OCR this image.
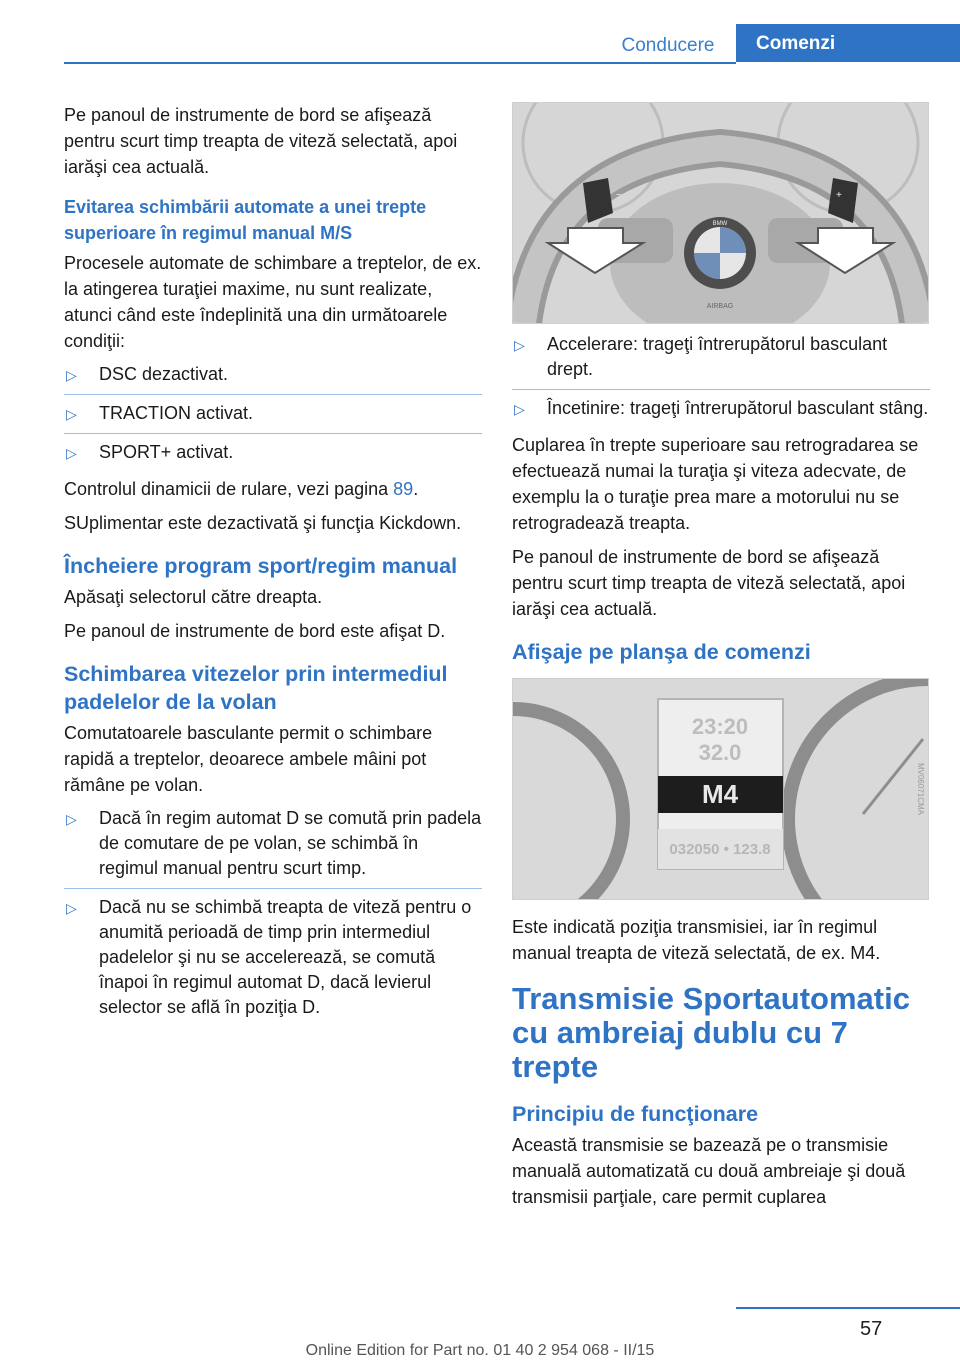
Conducere	Comenzi

Pe panoul de instrumente de bord se afişează pentru scurt timp treapta de viteză selectată, apoi iarăşi cea actuală.

Evitarea schimbării automate a unei trepte superioare în regimul manual M/S

Procesele automate de schimbare a treptelor, de ex. la atingerea turaţiei maxime, nu sunt realizate, atunci când este îndeplinită una din următoarele condiţii:

▷ DSC dezactivat.
▷ TRACTION activat.
▷ SPORT+ activat.

Controlul dinamicii de rulare, vezi pagina 89.

SUplimentar este dezactivată şi funcţia Kickdown.

Încheiere program sport/regim manual

Apăsaţi selectorul către dreapta.

Pe panoul de instrumente de bord este afişat D.

Schimbarea vitezelor prin intermediul padelelor de la volan

Comutatoarele basculante permit o schimbare rapidă a treptelor, deoarece ambele mâini pot rămâne pe volan.

▷ Dacă în regim automat D se comută prin padela de comutare de pe volan, se schimbă în regimul manual pentru scurt timp.
▷ Dacă nu se schimbă treapta de viteză pentru o anumită perioadă de timp prin intermediul padelelor şi nu se accelerează, se comută înapoi în regimul automat D, dacă levierul selector se află în poziţia D.
−	+
BMW
AIRBAG
▷ Accelerare: trageţi întrerupătorul basculant drept.
▷ Încetinire: trageţi întrerupătorul basculant stâng.

Cuplarea în trepte superioare sau retrogradarea se efectuează numai la turaţia şi viteza adecvate, de exemplu la o turaţie prea mare a motorului nu se retrogradează treapta.

Pe panoul de instrumente de bord se afişează pentru scurt timp treapta de viteză selectată, apoi iarăşi cea actuală.

Afişaje pe planşa de comenzi
23:20
32.0
M4
032050 • 123.8
MV06071CMA

Este indicată poziţia transmisiei, iar în regimul manual treapta de viteză selectată, de ex. M4.

Transmisie Sportautomatic cu ambreiaj dublu cu 7 trepte
Principiu de funcţionare

Această transmisie se bazează pe o transmisie manuală automatizată cu două ambreiaje şi două transmisii parţiale, care permit cuplarea

57
Online Edition for Part no. 01 40 2 954 068 - II/15
